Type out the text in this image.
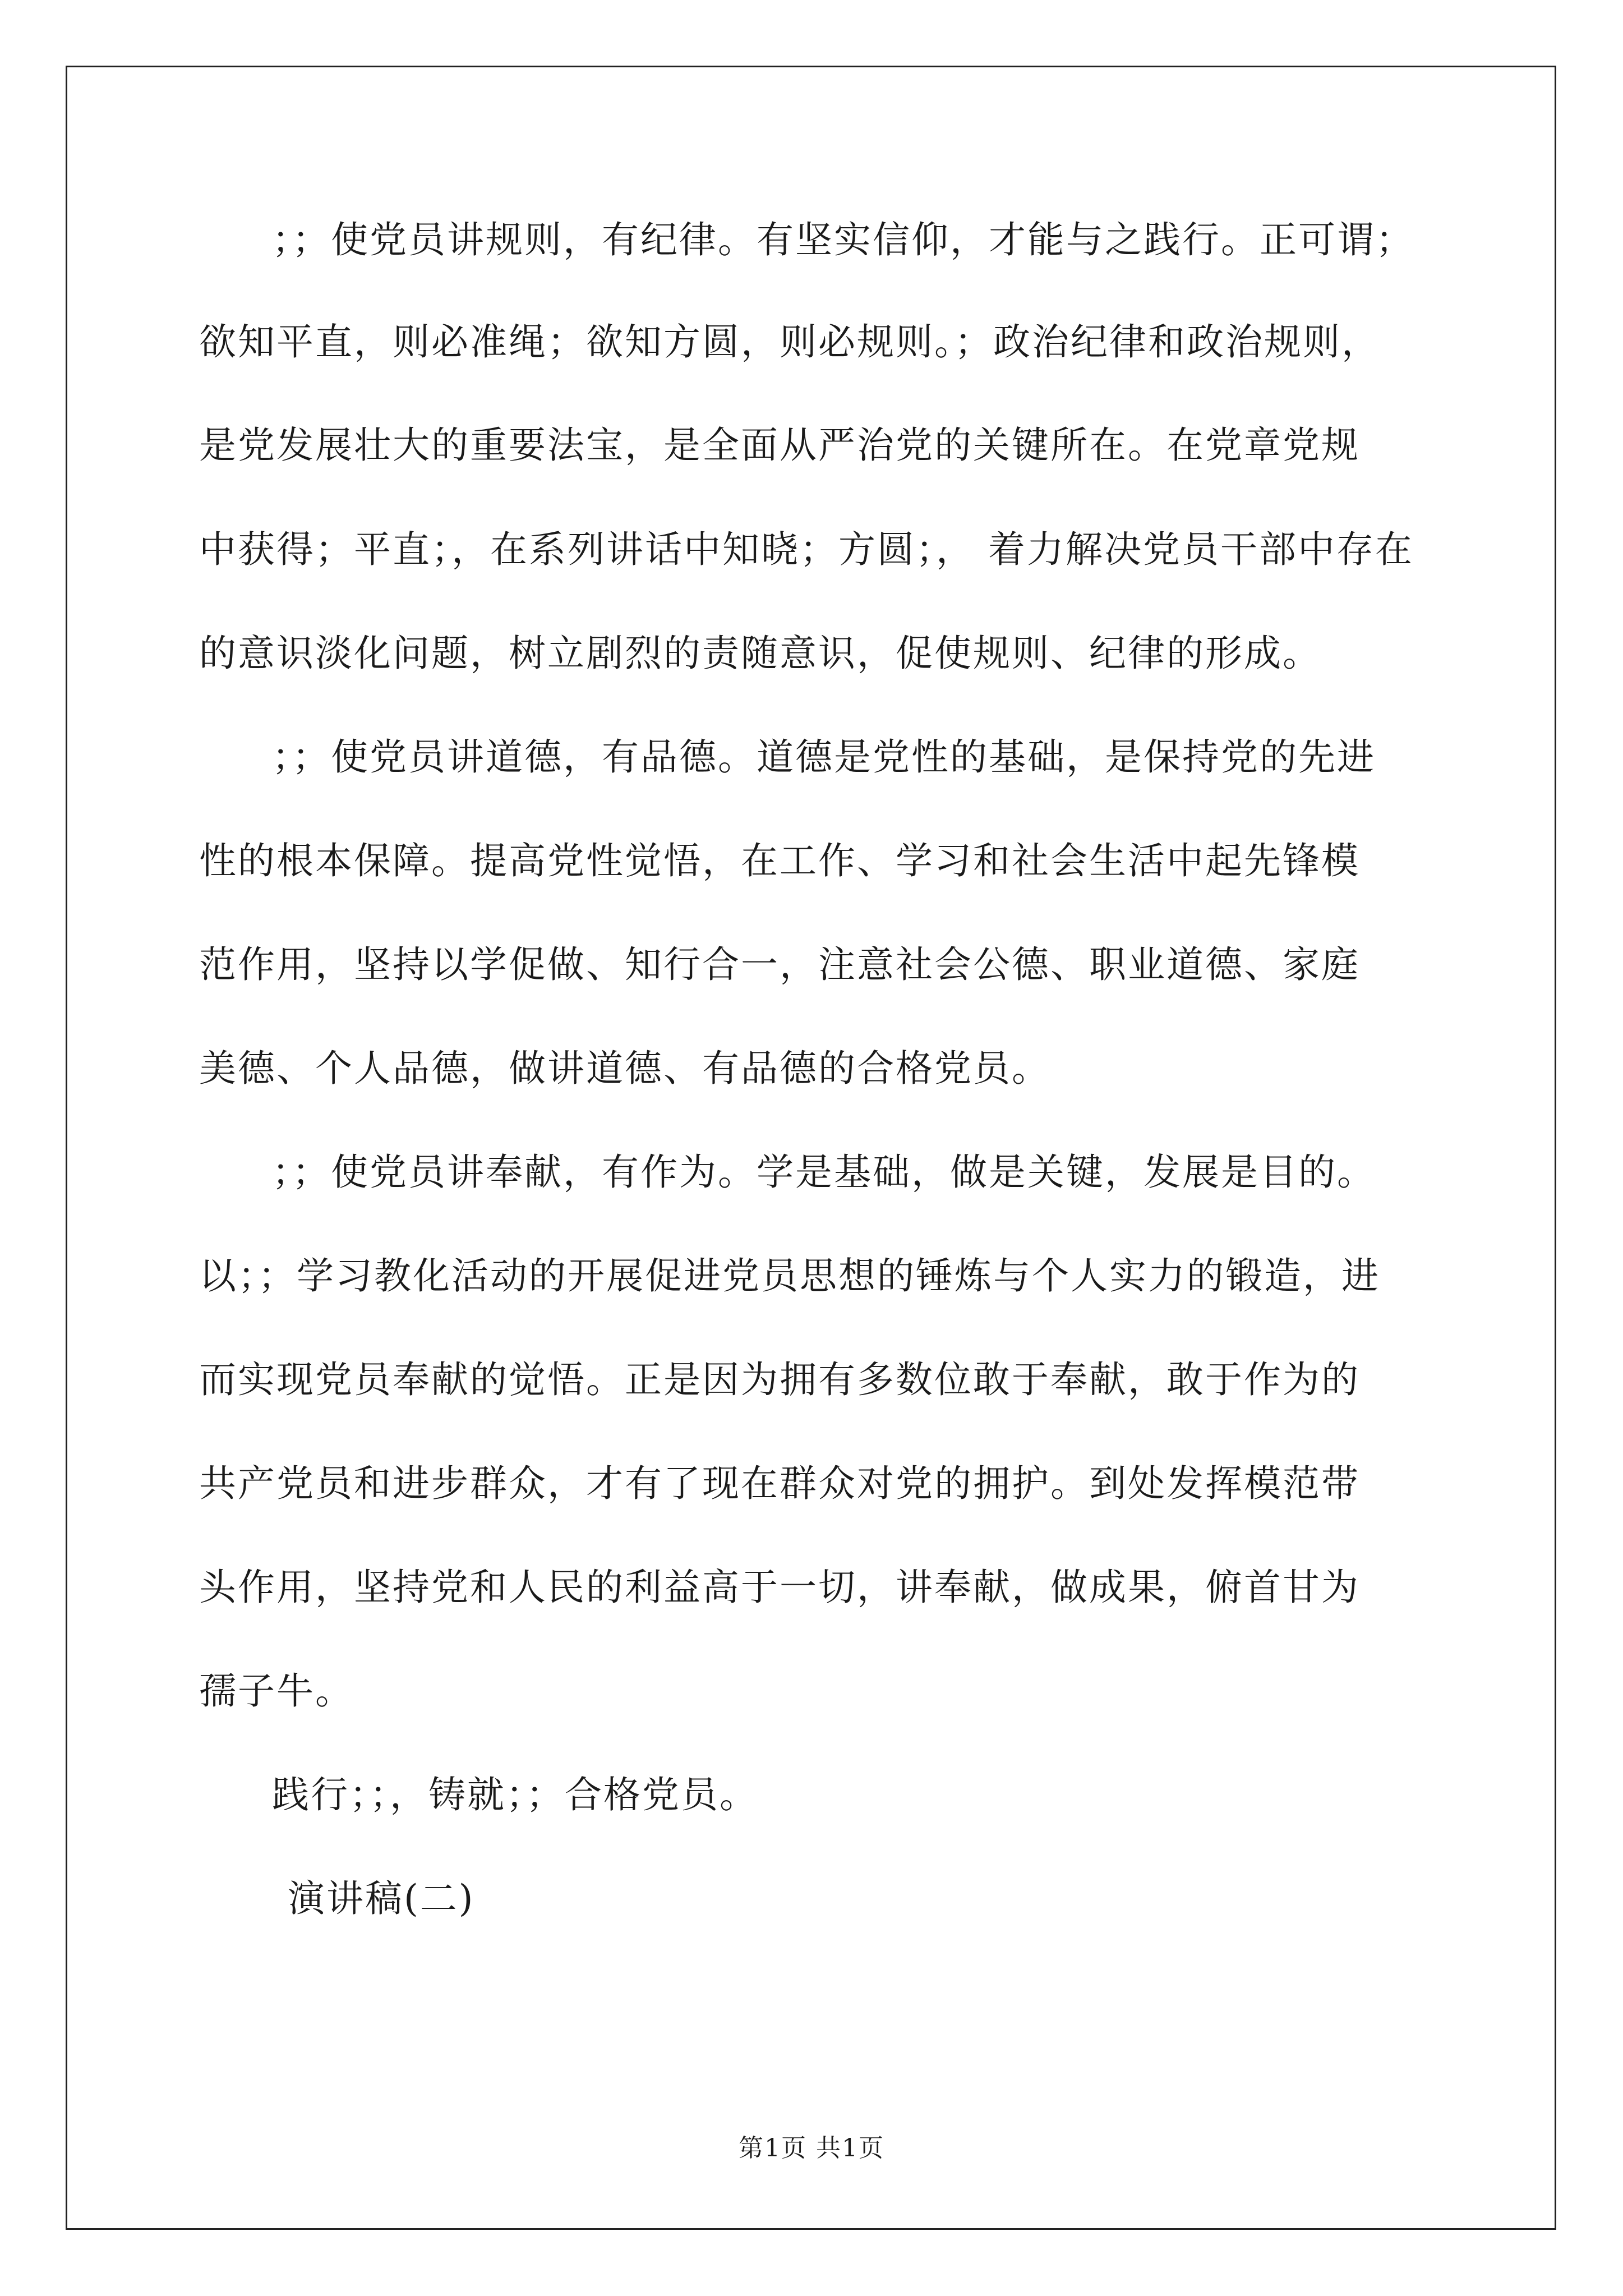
；；使党员讲规则，有纪律。有坚实信仰，才能与之践行。正可谓；
欲知平直，则必准绳；欲知方圆，则必规则。；政治纪律和政治规则，
是党发展壮大的重要法宝，是全面从严治党的关键所在。在党章党规
中获得；平直；，在系列讲话中知晓；方圆；， 着力解决党员干部中存在
的意识淡化问题，树立剧烈的责随意识，促使规则、纪律的形成。
；；使党员讲道德，有品德。道德是党性的基础，是保持党的先进
性的根本保障。提高党性觉悟，在工作、学习和社会生活中起先锋模
范作用，坚持以学促做、知行合一，注意社会公德、职业道德、家庭
美德、个人品德，做讲道德、有品德的合格党员。
；；使党员讲奉献，有作为。学是基础，做是关键，发展是目的。
以；；学习教化活动的开展促进党员思想的锤炼与个人实力的锻造，进
而实现党员奉献的觉悟。正是因为拥有多数位敢于奉献，敢于作为的
共产党员和进步群众，才有了现在群众对党的拥护。到处发挥模范带
头作用，坚持党和人民的利益高于一切，讲奉献，做成果，俯首甘为
孺子牛。
践行；；，铸就；；合格党员。
演讲稿(二)
第1页 共1页
